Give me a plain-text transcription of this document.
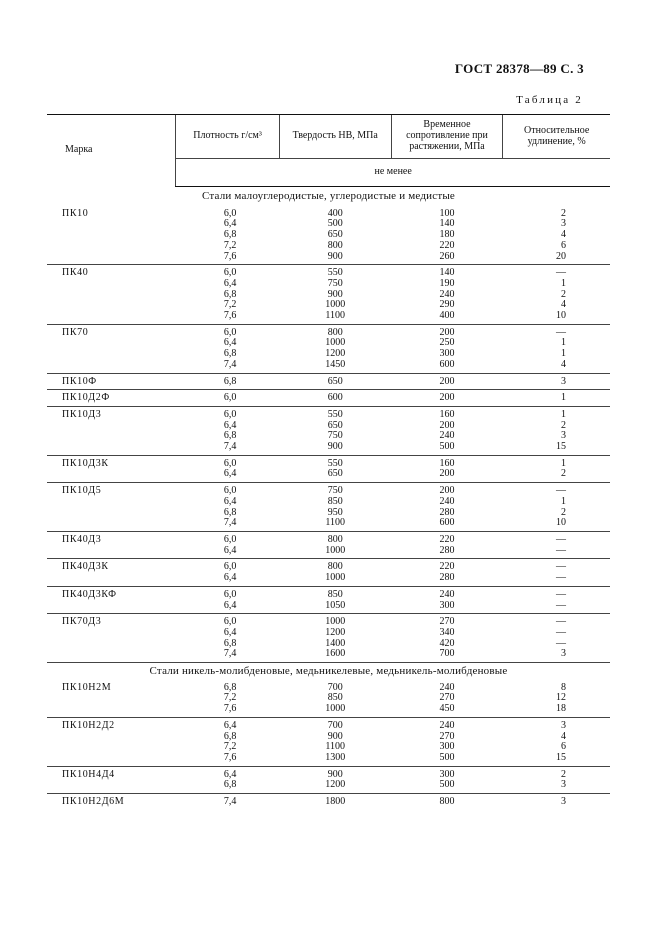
ГОСТ 28378—89 С. 3
Таблица 2
Марка	Плотность г/см³	Твердость HB, МПа	Временное сопротивление при растяжении, МПа	Относительное удлинение, %
	не менее			
Стали малоуглеродистые, углеродистые и медистые				
ПК10	6,0	400	100	2
	6,4	500	140	3
	6,8	650	180	4
	7,2	800	220	6
	7,6	900	260	20
ПК40	6,0	550	140	—
	6,4	750	190	1
	6,8	900	240	2
	7,2	1000	290	4
	7,6	1100	400	10
ПК70	6,0	800	200	—
	6,4	1000	250	1
	6,8	1200	300	1
	7,4	1450	600	4
ПК10Ф	6,8	650	200	3
ПК10Д2Ф	6,0	600	200	1
ПК10Д3	6,0	550	160	1
	6,4	650	200	2
	6,8	750	240	3
	7,4	900	500	15
ПК10Д3К	6,0	550	160	1
	6,4	650	200	2
ПК10Д5	6,0	750	200	—
	6,4	850	240	1
	6,8	950	280	2
	7,4	1100	600	10
ПК40Д3	6,0	800	220	—
	6,4	1000	280	—
ПК40Д3К	6,0	800	220	—
	6,4	1000	280	—
ПК40Д3КФ	6,0	850	240	—
	6,4	1050	300	—
ПК70Д3	6,0	1000	270	—
	6,4	1200	340	—
	6,8	1400	420	—
	7,4	1600	700	3
Стали никель-молибденовые, медьникелевые, медьникель-молибденовые				
ПК10Н2М	6,8	700	240	8
	7,2	850	270	12
	7,6	1000	450	18
ПК10Н2Д2	6,4	700	240	3
	6,8	900	270	4
	7,2	1100	300	6
	7,6	1300	500	15
ПК10Н4Д4	6,4	900	300	2
	6,8	1200	500	3
ПК10Н2Д6М	7,4	1800	800	3
